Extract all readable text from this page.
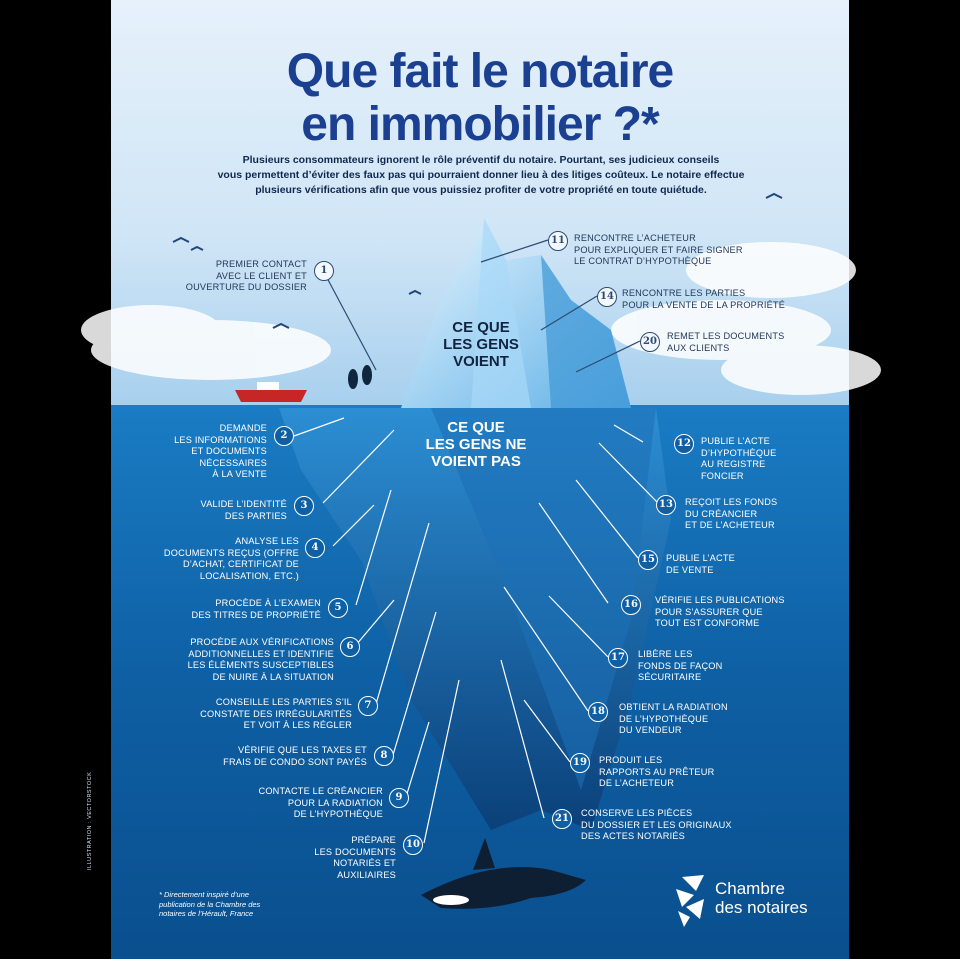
Que fait le notaire
en immobilier ?*
Plusieurs consommateurs ignorent le rôle préventif du notaire. Pourtant, ses judicieux conseils
vous permettent d’éviter des faux pas qui pourraient donner lieu à des litiges coûteux. Le notaire effectue
plusieurs vérifications afin que vous puissiez profiter de votre propriété en toute quiétude.
CE QUE
LES GENS
VOIENT
CE QUE
LES GENS NE
VOIENT PAS
PREMIER CONTACT
AVEC LE CLIENT ET
OUVERTURE DU DOSSIER
1
DEMANDE
LES INFORMATIONS
ET DOCUMENTS
NÉCESSAIRES
À LA VENTE
2
VALIDE L’IDENTITÉ
DES PARTIES
3
ANALYSE LES
DOCUMENTS REÇUS (OFFRE
D’ACHAT, CERTIFICAT DE
LOCALISATION, ETC.)
4
PROCÈDE À L’EXAMEN
DES TITRES DE PROPRIÉTÉ
5
PROCÈDE AUX VÉRIFICATIONS
ADDITIONNELLES ET IDENTIFIE
LES ÉLÉMENTS SUSCEPTIBLES
DE NUIRE À LA SITUATION
6
CONSEILLE LES PARTIES S’IL
CONSTATE DES IRRÉGULARITÉS
ET VOIT À LES RÉGLER
7
VÉRIFIE QUE LES TAXES ET
FRAIS DE CONDO SONT PAYÉS
8
CONTACTE LE CRÉANCIER
POUR LA RADIATION
DE L’HYPOTHÈQUE
9
PRÉPARE
LES DOCUMENTS
NOTARIÉS ET
AUXILIAIRES
10
11 RENCONTRE L’ACHETEUR
POUR EXPLIQUER ET FAIRE SIGNER
LE CONTRAT D’HYPOTHÈQUE
14 RENCONTRE LES PARTIES
POUR LA VENTE DE LA PROPRIÉTÉ
20	REMET LES DOCUMENTS
AUX CLIENTS
12	PUBLIE L’ACTE
D’HYPOTHÈQUE
AU REGISTRE
FONCIER
13	REÇOIT LES FONDS
DU CRÉANCIER
ET DE L’ACHETEUR
15	PUBLIE L’ACTE
DE VENTE
16	VÉRIFIE LES PUBLICATIONS
POUR S’ASSURER QUE
TOUT EST CONFORME
17	LIBÈRE LES
FONDS DE FAÇON
SÉCURITAIRE
18	OBTIENT LA RADIATION
DE L’HYPOTHÈQUE
DU VENDEUR
19	PRODUIT LES
RAPPORTS AU PRÊTEUR
DE L’ACHETEUR
21	CONSERVE LES PIÈCES
DU DOSSIER ET LES ORIGINAUX
DES ACTES NOTARIÉS
* Directement inspiré d’une
publication de la Chambre des
notaires de l’Hérault, France
ILLUSTRATION : VECTORSTOCK
Chambre
des notaires
